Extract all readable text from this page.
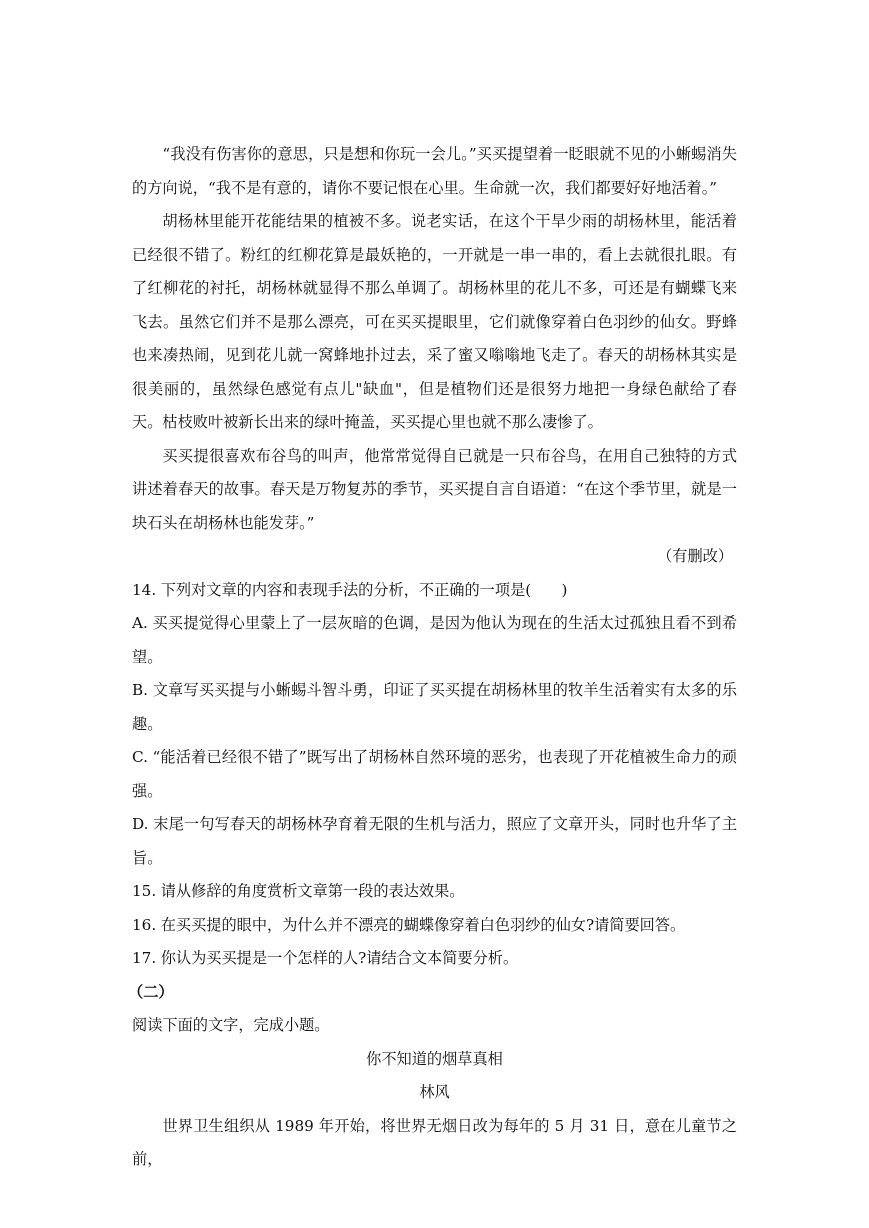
“我没有伤害你的意思，只是想和你玩一会儿。”买买提望着一眨眼就不见的小蜥蜴消失的方向说，“我不是有意的，请你不要记恨在心里。生命就一次，我们都要好好地活着。”

胡杨林里能开花能结果的植被不多。说老实话，在这个干旱少雨的胡杨林里，能活着已经很不错了。粉红的红柳花算是最妖艳的，一开就是一串一串的，看上去就很扎眼。有了红柳花的衬托，胡杨林就显得不那么单调了。胡杨林里的花儿不多，可还是有蝴蝶飞来飞去。虽然它们并不是那么漂亮，可在买买提眼里，它们就像穿着白色羽纱的仙女。野蜂也来凑热闹，见到花儿就一窝蜂地扑过去，采了蜜又嗡嗡地飞走了。春天的胡杨林其实是很美丽的，虽然绿色感觉有点儿"缺血"，但是植物们还是很努力地把一身绿色献给了春天。枯枝败叶被新长出来的绿叶掩盖，买买提心里也就不那么凄惨了。

买买提很喜欢布谷鸟的叫声，他常常觉得自已就是一只布谷鸟，在用自己独特的方式讲述着春天的故事。春天是万物复苏的季节，买买提自言自语道：“在这个季节里，就是一块石头在胡杨林也能发芽。”

（有删改）

14. 下列对文章的内容和表现手法的分析，不正确的一项是(　　)

A. 买买提觉得心里蒙上了一层灰暗的色调，是因为他认为现在的生活太过孤独且看不到希望。

B. 文章写买买提与小蜥蜴斗智斗勇，印证了买买提在胡杨林里的牧羊生活着实有太多的乐趣。

C. “能活着已经很不错了”既写出了胡杨林自然环境的恶劣，也表现了开花植被生命力的顽强。

D. 末尾一句写春天的胡杨林孕育着无限的生机与活力，照应了文章开头，同时也升华了主旨。

15. 请从修辞的角度赏析文章第一段的表达效果。

16. 在买买提的眼中，为什么并不漂亮的蝴蝶像穿着白色羽纱的仙女?请简要回答。

17. 你认为买买提是一个怎样的人?请结合文本简要分析。

（二）

阅读下面的文字，完成小题。

你不知道的烟草真相

林风

世界卫生组织从 1989 年开始，将世界无烟日改为每年的 5 月 31 日，意在儿童节之前，
